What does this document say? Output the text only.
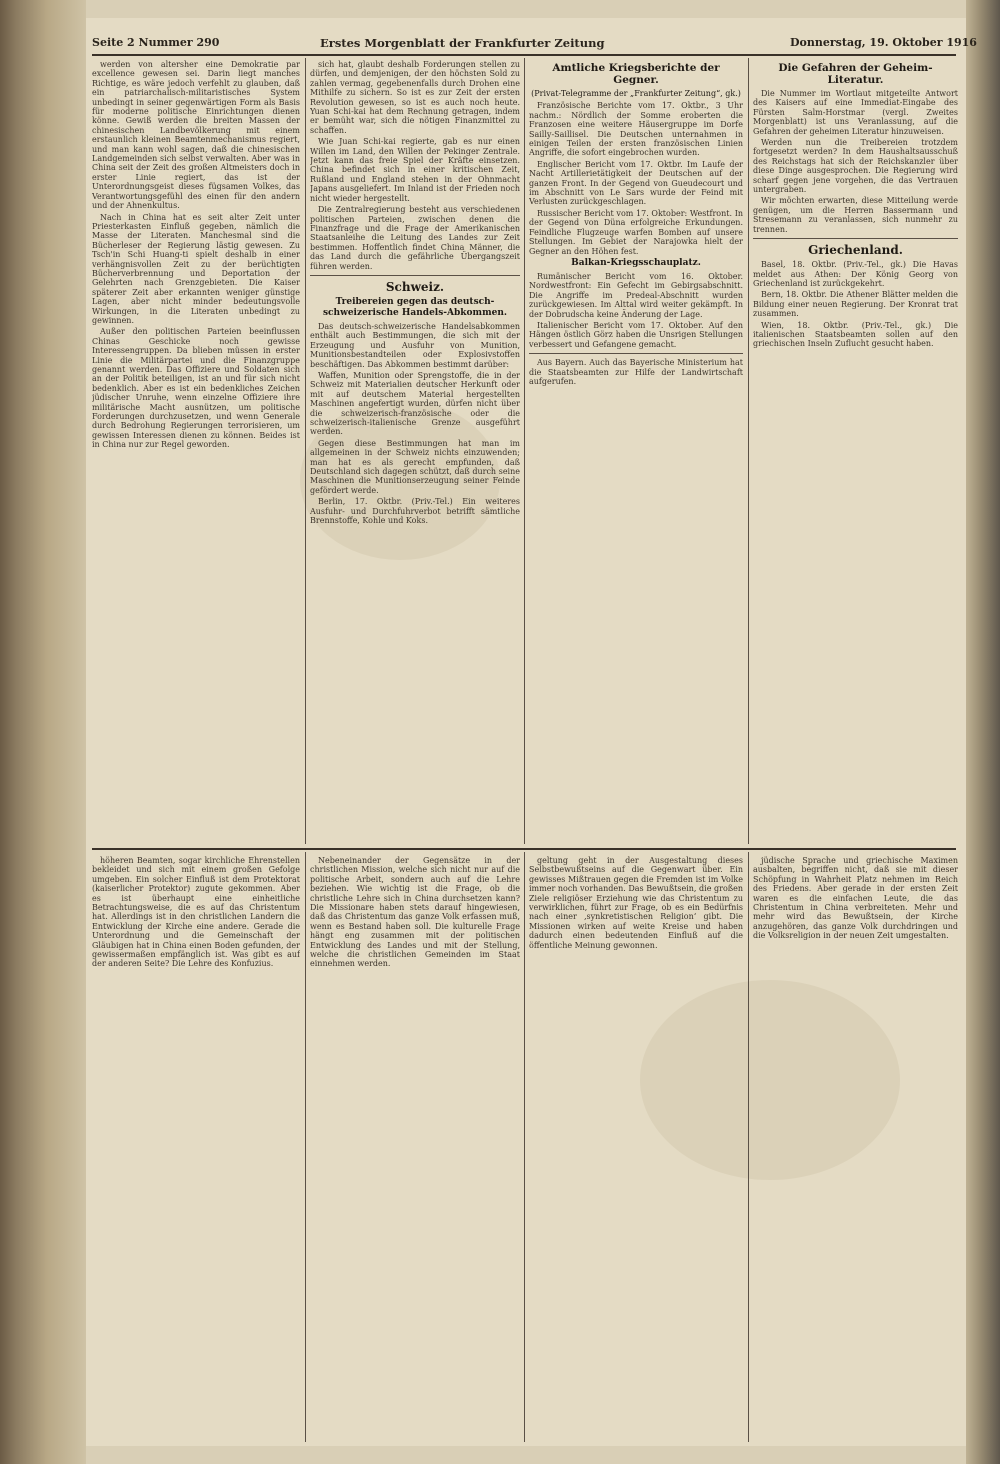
Seite 2 Nummer 290	Erstes Morgenblatt der Frankfurter Zeitung	Donnerstag, 19. Oktober 1916

werden von altersher eine Demokratie par excellence gewesen sei. Darin liegt manches Richtige, es wäre jedoch verfehlt zu glauben, daß ein patriarchalisch-militaristisches System unbedingt in seiner gegenwärtigen Form als Basis für moderne politische Einrichtungen dienen könne. Gewiß werden die breiten Massen der chinesischen Landbevölkerung mit einem erstaunlich kleinen Beamtenmechanismus regiert, und man kann wohl sagen, daß die chinesischen Landgemeinden sich selbst verwalten. Aber was in China seit der Zeit des großen Altmeisters doch in erster Linie regiert, das ist der Unterordnungsgeist dieses fügsamen Volkes, das Verantwortungsgefühl des einen für den andern und der Ahnenkultus.

Nach in China hat es seit alter Zeit unter Priesterkasten Einfluß gegeben, nämlich die Masse der Literaten. Manchesmal sind die Bücherleser der Regierung lästig gewesen. Zu Tsch'in Schi Huang-ti spielt deshalb in einer verhängnisvollen Zeit zu der berüchtigten Bücherverbrennung und Deportation der Gelehrten nach Grenzgebieten. Die Kaiser späterer Zeit aber erkannten weniger günstige Lagen, aber nicht minder bedeutungsvolle Wirkungen, in die Literaten unbedingt zu gewinnen.

Außer den politischen Parteien beeinflussen Chinas Geschicke noch gewisse Interessengruppen. Da blieben müssen in erster Linie die Militärpartei und die Finanzgruppe genannt werden. Das Offiziere und Soldaten sich an der Politik beteiligen, ist an und für sich nicht bedenklich. Aber es ist ein bedenkliches Zeichen jüdischer Unruhe, wenn einzelne Offiziere ihre militärische Macht ausnützen, um politische Forderungen durchzusetzen, und wenn Generale durch Bedrohung Regierungen terrorisieren, um gewissen Interessen dienen zu können. Beides ist in China nur zur Regel geworden.

sich hat, glaubt deshalb Forderungen stellen zu dürfen, und demjenigen, der den höchsten Sold zu zahlen vermag, gegebenenfalls durch Drohen eine Mithilfe zu sichern. So ist es zur Zeit der ersten Revolution gewesen, so ist es auch noch heute. Yuan Schi-kai hat dem Rechnung getragen, indem er bemüht war, sich die nötigen Finanzmittel zu schaffen.

Wie Juan Schi-kai regierte, gab es nur einen Willen im Land, den Willen der Pekinger Zentrale. Jetzt kann das freie Spiel der Kräfte einsetzen. China befindet sich in einer kritischen Zeit, Rußland und England stehen in der Ohnmacht Japans ausgeliefert. Im Inland ist der Frieden noch nicht wieder hergestellt.

Die Zentralregierung besteht aus verschiedenen politischen Parteien, zwischen denen die Finanzfrage und die Frage der Amerikanischen Staatsanleihe die Leitung des Landes zur Zeit bestimmen. Hoffentlich findet China Männer, die das Land durch die gefährliche Übergangszeit führen werden.

Schweiz.
Treibereien gegen das deutsch-schweizerische Handels-Abkommen.

Das deutsch-schweizerische Handelsabkommen enthält auch Bestimmungen, die sich mit der Erzeugung und Ausfuhr von Munition, Munitionsbestandteilen oder Explosivstoffen beschäftigen. Das Abkommen bestimmt darüber:

Waffen, Munition oder Sprengstoffe, die in der Schweiz mit Materialien deutscher Herkunft oder mit auf deutschem Material hergestellten Maschinen angefertigt wurden, dürfen nicht über die schweizerisch-französische oder die schweizerisch-italienische Grenze ausgeführt werden.

Gegen diese Bestimmungen hat man im allgemeinen in der Schweiz nichts einzuwenden; man hat es als gerecht empfunden, daß Deutschland sich dagegen schützt, daß durch seine Maschinen die Munitionserzeugung seiner Feinde gefördert werde.

Berlin, 17. Oktbr. (Priv.-Tel.) Ein weiteres Ausfuhr- und Durchfuhrverbot betrifft sämtliche Brennstoffe, Kohle und Koks.

Amtliche Kriegsberichte der Gegner.
(Privat-Telegramme der „Frankfurter Zeitung“, gk.)

Französische Berichte vom 17. Oktbr., 3 Uhr nachm.: Nördlich der Somme eroberten die Franzosen eine weitere Häusergruppe im Dorfe Sailly-Saillisel. Die Deutschen unternahmen in einigen Teilen der ersten französischen Linien Angriffe, die sofort eingebrochen wurden.

Englischer Bericht vom 17. Oktbr. Im Laufe der Nacht Artillerietätigkeit der Deutschen auf der ganzen Front. In der Gegend von Gueudecourt und im Abschnitt von Le Sars wurde der Feind mit Verlusten zurückgeschlagen.

Russischer Bericht vom 17. Oktober: Westfront. In der Gegend von Düna erfolgreiche Erkundungen. Feindliche Flugzeuge warfen Bomben auf unsere Stellungen. Im Gebiet der Narajowka hielt der Gegner an den Höhen fest.

Balkan-Kriegsschauplatz.

Rumänischer Bericht vom 16. Oktober. Nordwestfront: Ein Gefecht im Gebirgsabschnitt. Die Angriffe im Predeal-Abschnitt wurden zurückgewiesen. Im Alttal wird weiter gekämpft. In der Dobrudscha keine Änderung der Lage.

Italienischer Bericht vom 17. Oktober. Auf den Hängen östlich Görz haben die Unsrigen Stellungen verbessert und Gefangene gemacht.

Aus Bayern. Auch das Bayerische Ministerium hat die Staatsbeamten zur Hilfe der Landwirtschaft aufgerufen.

Die Gefahren der Geheim-Literatur.

Die Nummer im Wortlaut mitgeteilte Antwort des Kaisers auf eine Immediat-Eingabe des Fürsten Salm-Horstmar (vergl. Zweites Morgenblatt) ist uns Veranlassung, auf die Gefahren der geheimen Literatur hinzuweisen.

Werden nun die Treibereien trotzdem fortgesetzt werden? In dem Haushaltsausschuß des Reichstags hat sich der Reichskanzler über diese Dinge ausgesprochen. Die Regierung wird scharf gegen jene vorgehen, die das Vertrauen untergraben.

Wir möchten erwarten, diese Mitteilung werde genügen, um die Herren Bassermann und Stresemann zu veranlassen, sich nunmehr zu trennen.

Griechenland.

Basel, 18. Oktbr. (Priv.-Tel., gk.) Die Havas meldet aus Athen: Der König Georg von Griechenland ist zurückgekehrt.

Bern, 18. Oktbr. Die Athener Blätter melden die Bildung einer neuen Regierung. Der Kronrat trat zusammen.

Wien, 18. Oktbr. (Priv.-Tel., gk.) Die italienischen Staatsbeamten sollen auf den griechischen Inseln Zuflucht gesucht haben.

höheren Beamten, sogar kirchliche Ehrenstellen bekleidet und sich mit einem großen Gefolge umgeben. Ein solcher Einfluß ist dem Protektorat (kaiserlicher Protektor) zugute gekommen. Aber es ist überhaupt eine einheitliche Betrachtungsweise, die es auf das Christentum hat. Allerdings ist in den christlichen Landern die Entwicklung der Kirche eine andere. Gerade die Unterordnung und die Gemeinschaft der Gläubigen hat in China einen Boden gefunden, der gewissermaßen empfänglich ist. Was gibt es auf der anderen Seite? Die Lehre des Konfuzius.

Nebeneinander der Gegensätze in der christlichen Mission, welche sich nicht nur auf die politische Arbeit, sondern auch auf die Lehre beziehen. Wie wichtig ist die Frage, ob die christliche Lehre sich in China durchsetzen kann? Die Missionare haben stets darauf hingewiesen, daß das Christentum das ganze Volk erfassen muß, wenn es Bestand haben soll. Die kulturelle Frage hängt eng zusammen mit der politischen Entwicklung des Landes und mit der Stellung, welche die christlichen Gemeinden im Staat einnehmen werden.

geltung geht in der Ausgestaltung dieses Selbstbewußtseins auf die Gegenwart über. Ein gewisses Mißtrauen gegen die Fremden ist im Volke immer noch vorhanden. Das Bewußtsein, die großen Ziele religiöser Erziehung wie das Christentum zu verwirklichen, führt zur Frage, ob es ein Bedürfnis nach einer ‚synkretistischen Religion‘ gibt. Die Missionen wirken auf weite Kreise und haben dadurch einen bedeutenden Einfluß auf die öffentliche Meinung gewonnen.

jüdische Sprache und griechische Maximen ausbalten, begriffen nicht, daß sie mit dieser Schöpfung in Wahrheit Platz nehmen im Reich des Friedens. Aber gerade in der ersten Zeit waren es die einfachen Leute, die das Christentum in China verbreiteten. Mehr und mehr wird das Bewußtsein, der Kirche anzugehören, das ganze Volk durchdringen und die Volksreligion in der neuen Zeit umgestalten.
